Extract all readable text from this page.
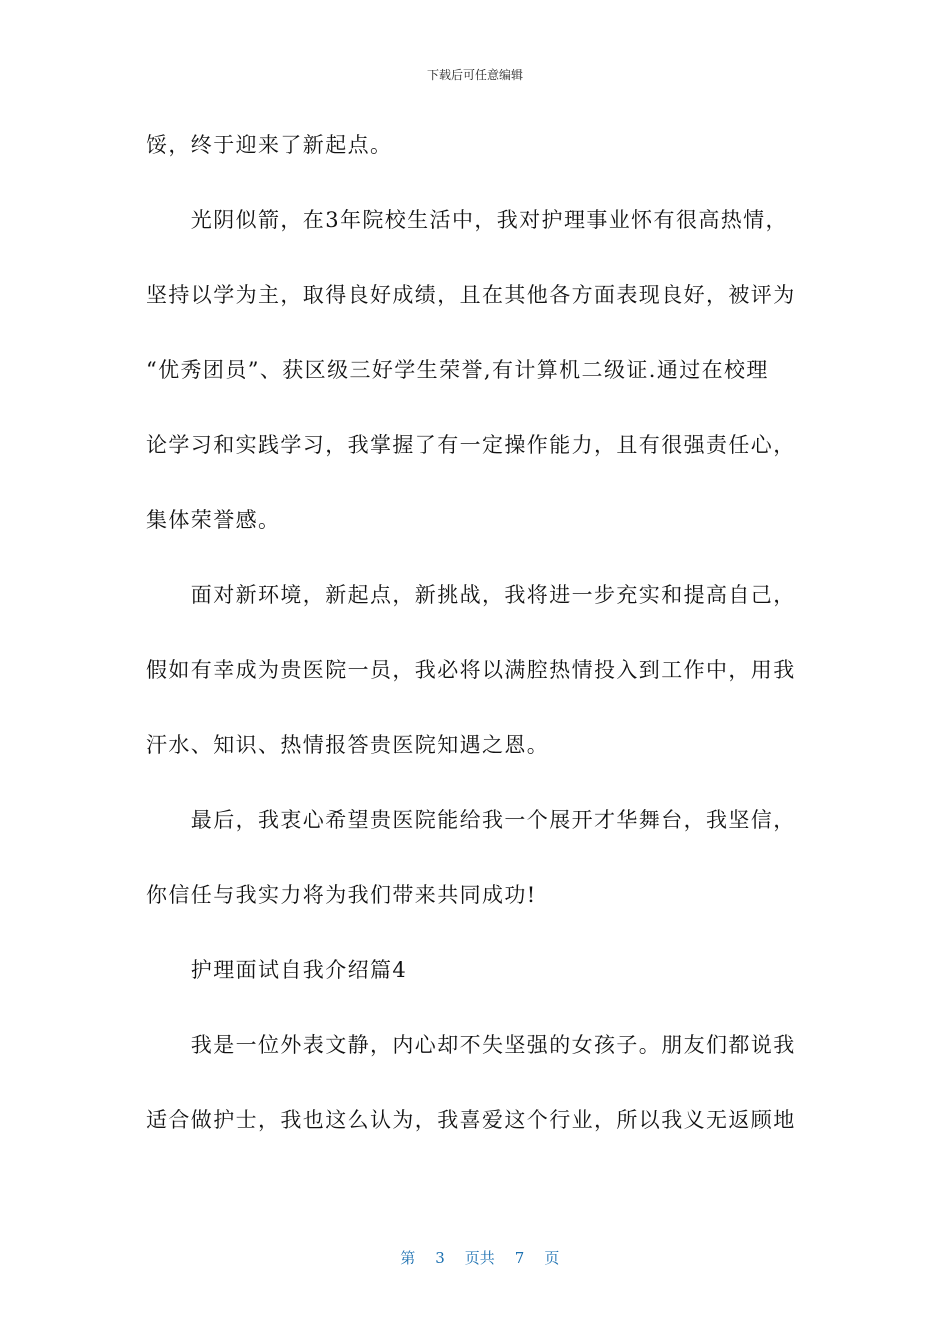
下载后可任意编辑
馁，终于迎来了新起点。
　　光阴似箭，在3年院校生活中，我对护理事业怀有很高热情，
坚持以学为主，取得良好成绩，且在其他各方面表现良好，被评为
“优秀团员”、获区级三好学生荣誉,有计算机二级证.通过在校理
论学习和实践学习，我掌握了有一定操作能力，且有很强责任心，
集体荣誉感。
　　面对新环境，新起点，新挑战，我将进一步充实和提高自己，
假如有幸成为贵医院一员，我必将以满腔热情投入到工作中，用我
汗水、知识、热情报答贵医院知遇之恩。
　　最后，我衷心希望贵医院能给我一个展开才华舞台，我坚信，
你信任与我实力将为我们带来共同成功!
　　护理面试自我介绍篇4
　　我是一位外表文静，内心却不失坚强的女孩子。朋友们都说我
适合做护士，我也这么认为，我喜爱这个行业，所以我义无返顾地

第 3 页共 7 页
